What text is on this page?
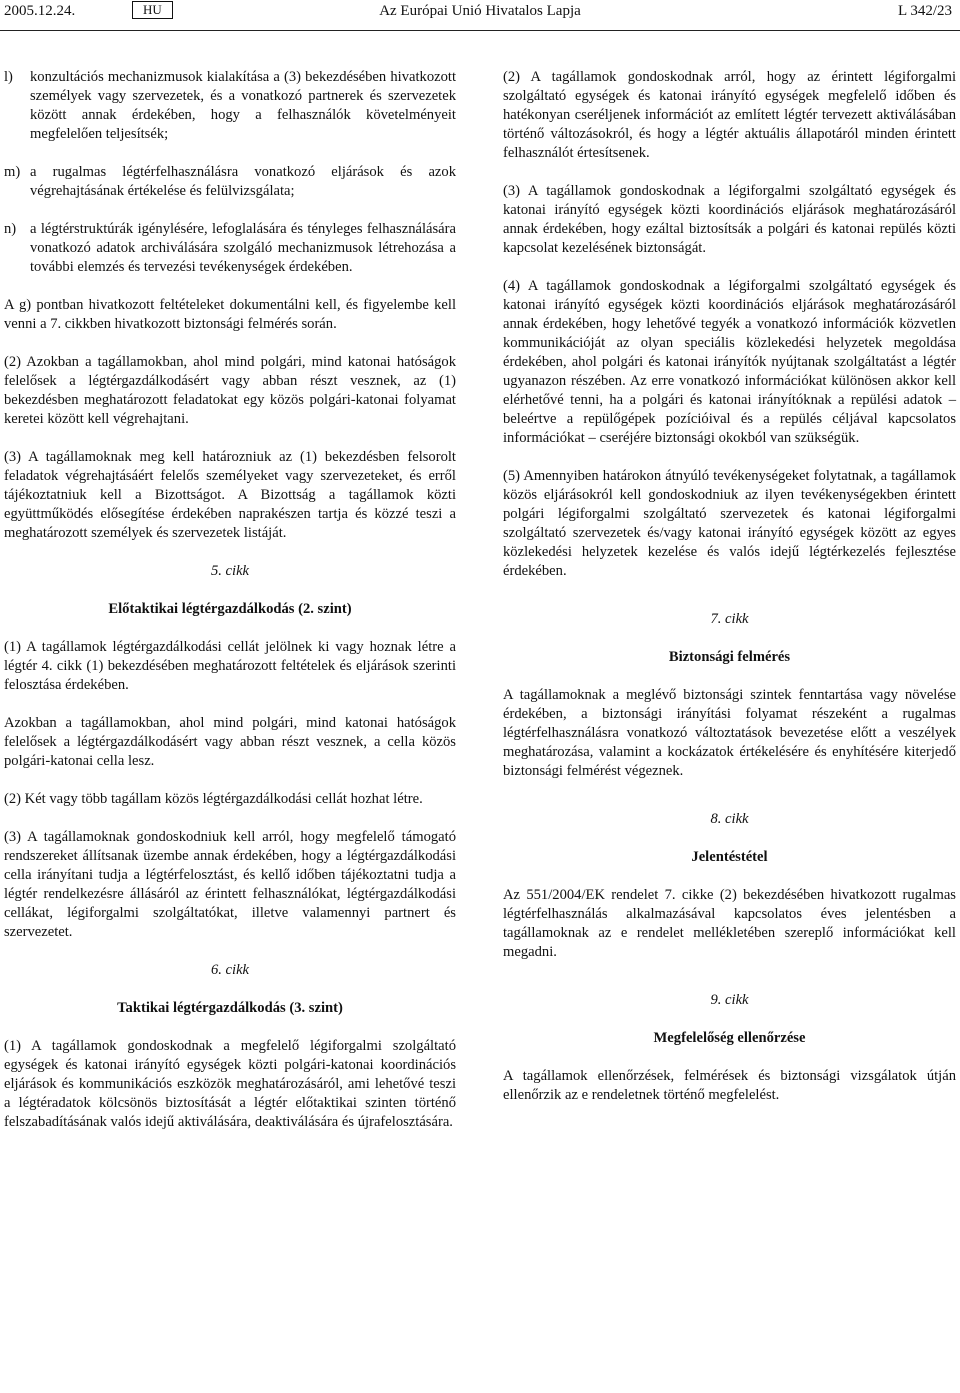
2005.12.24.	HU	Az Európai Unió Hivatalos Lapja	L 342/23
l)	konzultációs mechanizmusok kialakítása a (3) bekezdésében hivatkozott személyek vagy szervezetek, és a vonatkozó partnerek és szervezetek között annak érdekében, hogy a felhasználók követelményeit megfelelően teljesítsék;
m) a rugalmas légtérfelhasználásra vonatkozó eljárások és azok végrehajtásának értékelése és felülvizsgálata;
n) a légtérstruktúrák igénylésére, lefoglalására és tényleges felhasználására vonatkozó adatok archiválására szolgáló mechanizmusok létrehozása a további elemzés és tervezési tevékenységek érdekében.

A g) pontban hivatkozott feltételeket dokumentálni kell, és figyelembe kell venni a 7. cikkben hivatkozott biztonsági felmérés során.

(2) Azokban a tagállamokban, ahol mind polgári, mind katonai hatóságok felelősek a légtérgazdálkodásért vagy abban részt vesznek, az (1) bekezdésben meghatározott feladatokat egy közös polgári-katonai folyamat keretei között kell végrehajtani.

(3) A tagállamoknak meg kell határozniuk az (1) bekezdésben felsorolt feladatok végrehajtásáért felelős személyeket vagy szervezeteket, és erről tájékoztatniuk kell a Bizottságot. A Bizottság a tagállamok közti együttműködés elősegítése érdekében naprakészen tartja és közzé teszi a meghatározott személyek és szervezetek listáját.

5. cikk
Előtaktikai légtérgazdálkodás (2. szint)

(1) A tagállamok légtérgazdálkodási cellát jelölnek ki vagy hoznak létre a légtér 4. cikk (1) bekezdésében meghatározott feltételek és eljárások szerinti felosztása érdekében.

Azokban a tagállamokban, ahol mind polgári, mind katonai hatóságok felelősek a légtérgazdálkodásért vagy abban részt vesznek, a cella közös polgári-katonai cella lesz.

(2) Két vagy több tagállam közös légtérgazdálkodási cellát hozhat létre.

(3) A tagállamoknak gondoskodniuk kell arról, hogy megfelelő támogató rendszereket állítsanak üzembe annak érdekében, hogy a légtérgazdálkodási cella irányítani tudja a légtérfelosztást, és kellő időben tájékoztatni tudja a légtér rendelkezésre állásáról az érintett felhasználókat, légtérgazdálkodási cellákat, légiforgalmi szolgáltatókat, illetve valamennyi partnert és szervezetet.

6. cikk
Taktikai légtérgazdálkodás (3. szint)

(1) A tagállamok gondoskodnak a megfelelő légiforgalmi szolgáltató egységek és katonai irányító egységek közti polgári-katonai koordinációs eljárások és kommunikációs eszközök meghatározásáról, ami lehetővé teszi a légtéradatok kölcsönös biztosítását a légtér előtaktikai szinten történő felszabadításának valós idejű aktiválására, deaktiválására és újrafelosztására.

(2) A tagállamok gondoskodnak arról, hogy az érintett légiforgalmi szolgáltató egységek és katonai irányító egységek megfelelő időben és hatékonyan cseréljenek információt az említett légtér tervezett aktiválásában történő változásokról, és hogy a légtér aktuális állapotáról minden érintett felhasználót értesítsenek.

(3) A tagállamok gondoskodnak a légiforgalmi szolgáltató egységek és katonai irányító egységek közti koordinációs eljárások meghatározásáról annak érdekében, hogy ezáltal biztosítsák a polgári és katonai repülés közti kapcsolat kezelésének biztonságát.

(4) A tagállamok gondoskodnak a légiforgalmi szolgáltató egységek és katonai irányító egységek közti koordinációs eljárások meghatározásáról annak érdekében, hogy lehetővé tegyék a vonatkozó információk közvetlen kommunikációját az olyan speciális közlekedési helyzetek megoldása érdekében, ahol polgári és katonai irányítók nyújtanak szolgáltatást a légtér ugyanazon részében. Az erre vonatkozó információkat különösen akkor kell elérhetővé tenni, ha a polgári és katonai irányítóknak a repülési adatok – beleértve a repülőgépek pozícióival és a repülés céljával kapcsolatos információkat – cseréjére biztonsági okokból van szükségük.

(5) Amennyiben határokon átnyúló tevékenységeket folytatnak, a tagállamok közös eljárásokról kell gondoskodniuk az ilyen tevékenységekben érintett polgári légiforgalmi szolgáltató szervezetek és katonai légiforgalmi szolgáltató szervezetek és/vagy katonai irányító egységek között az egyes közlekedési helyzetek kezelése és valós idejű légtérkezelés fejlesztése érdekében.

7. cikk
Biztonsági felmérés

A tagállamoknak a meglévő biztonsági szintek fenntartása vagy növelése érdekében, a biztonsági irányítási folyamat részeként a rugalmas légtérfelhasználásra vonatkozó változtatások bevezetése előtt a veszélyek meghatározása, valamint a kockázatok értékelésére és enyhítésére kiterjedő biztonsági felmérést végeznek.

8. cikk
Jelentéstétel

Az 551/2004/EK rendelet 7. cikke (2) bekezdésében hivatkozott rugalmas légtérfelhasználás alkalmazásával kapcsolatos éves jelentésben a tagállamoknak az e rendelet mellékletében szereplő információkat kell megadni.

9. cikk
Megfelelőség ellenőrzése

A tagállamok ellenőrzések, felmérések és biztonsági vizsgálatok útján ellenőrzik az e rendeletnek történő megfelelést.
